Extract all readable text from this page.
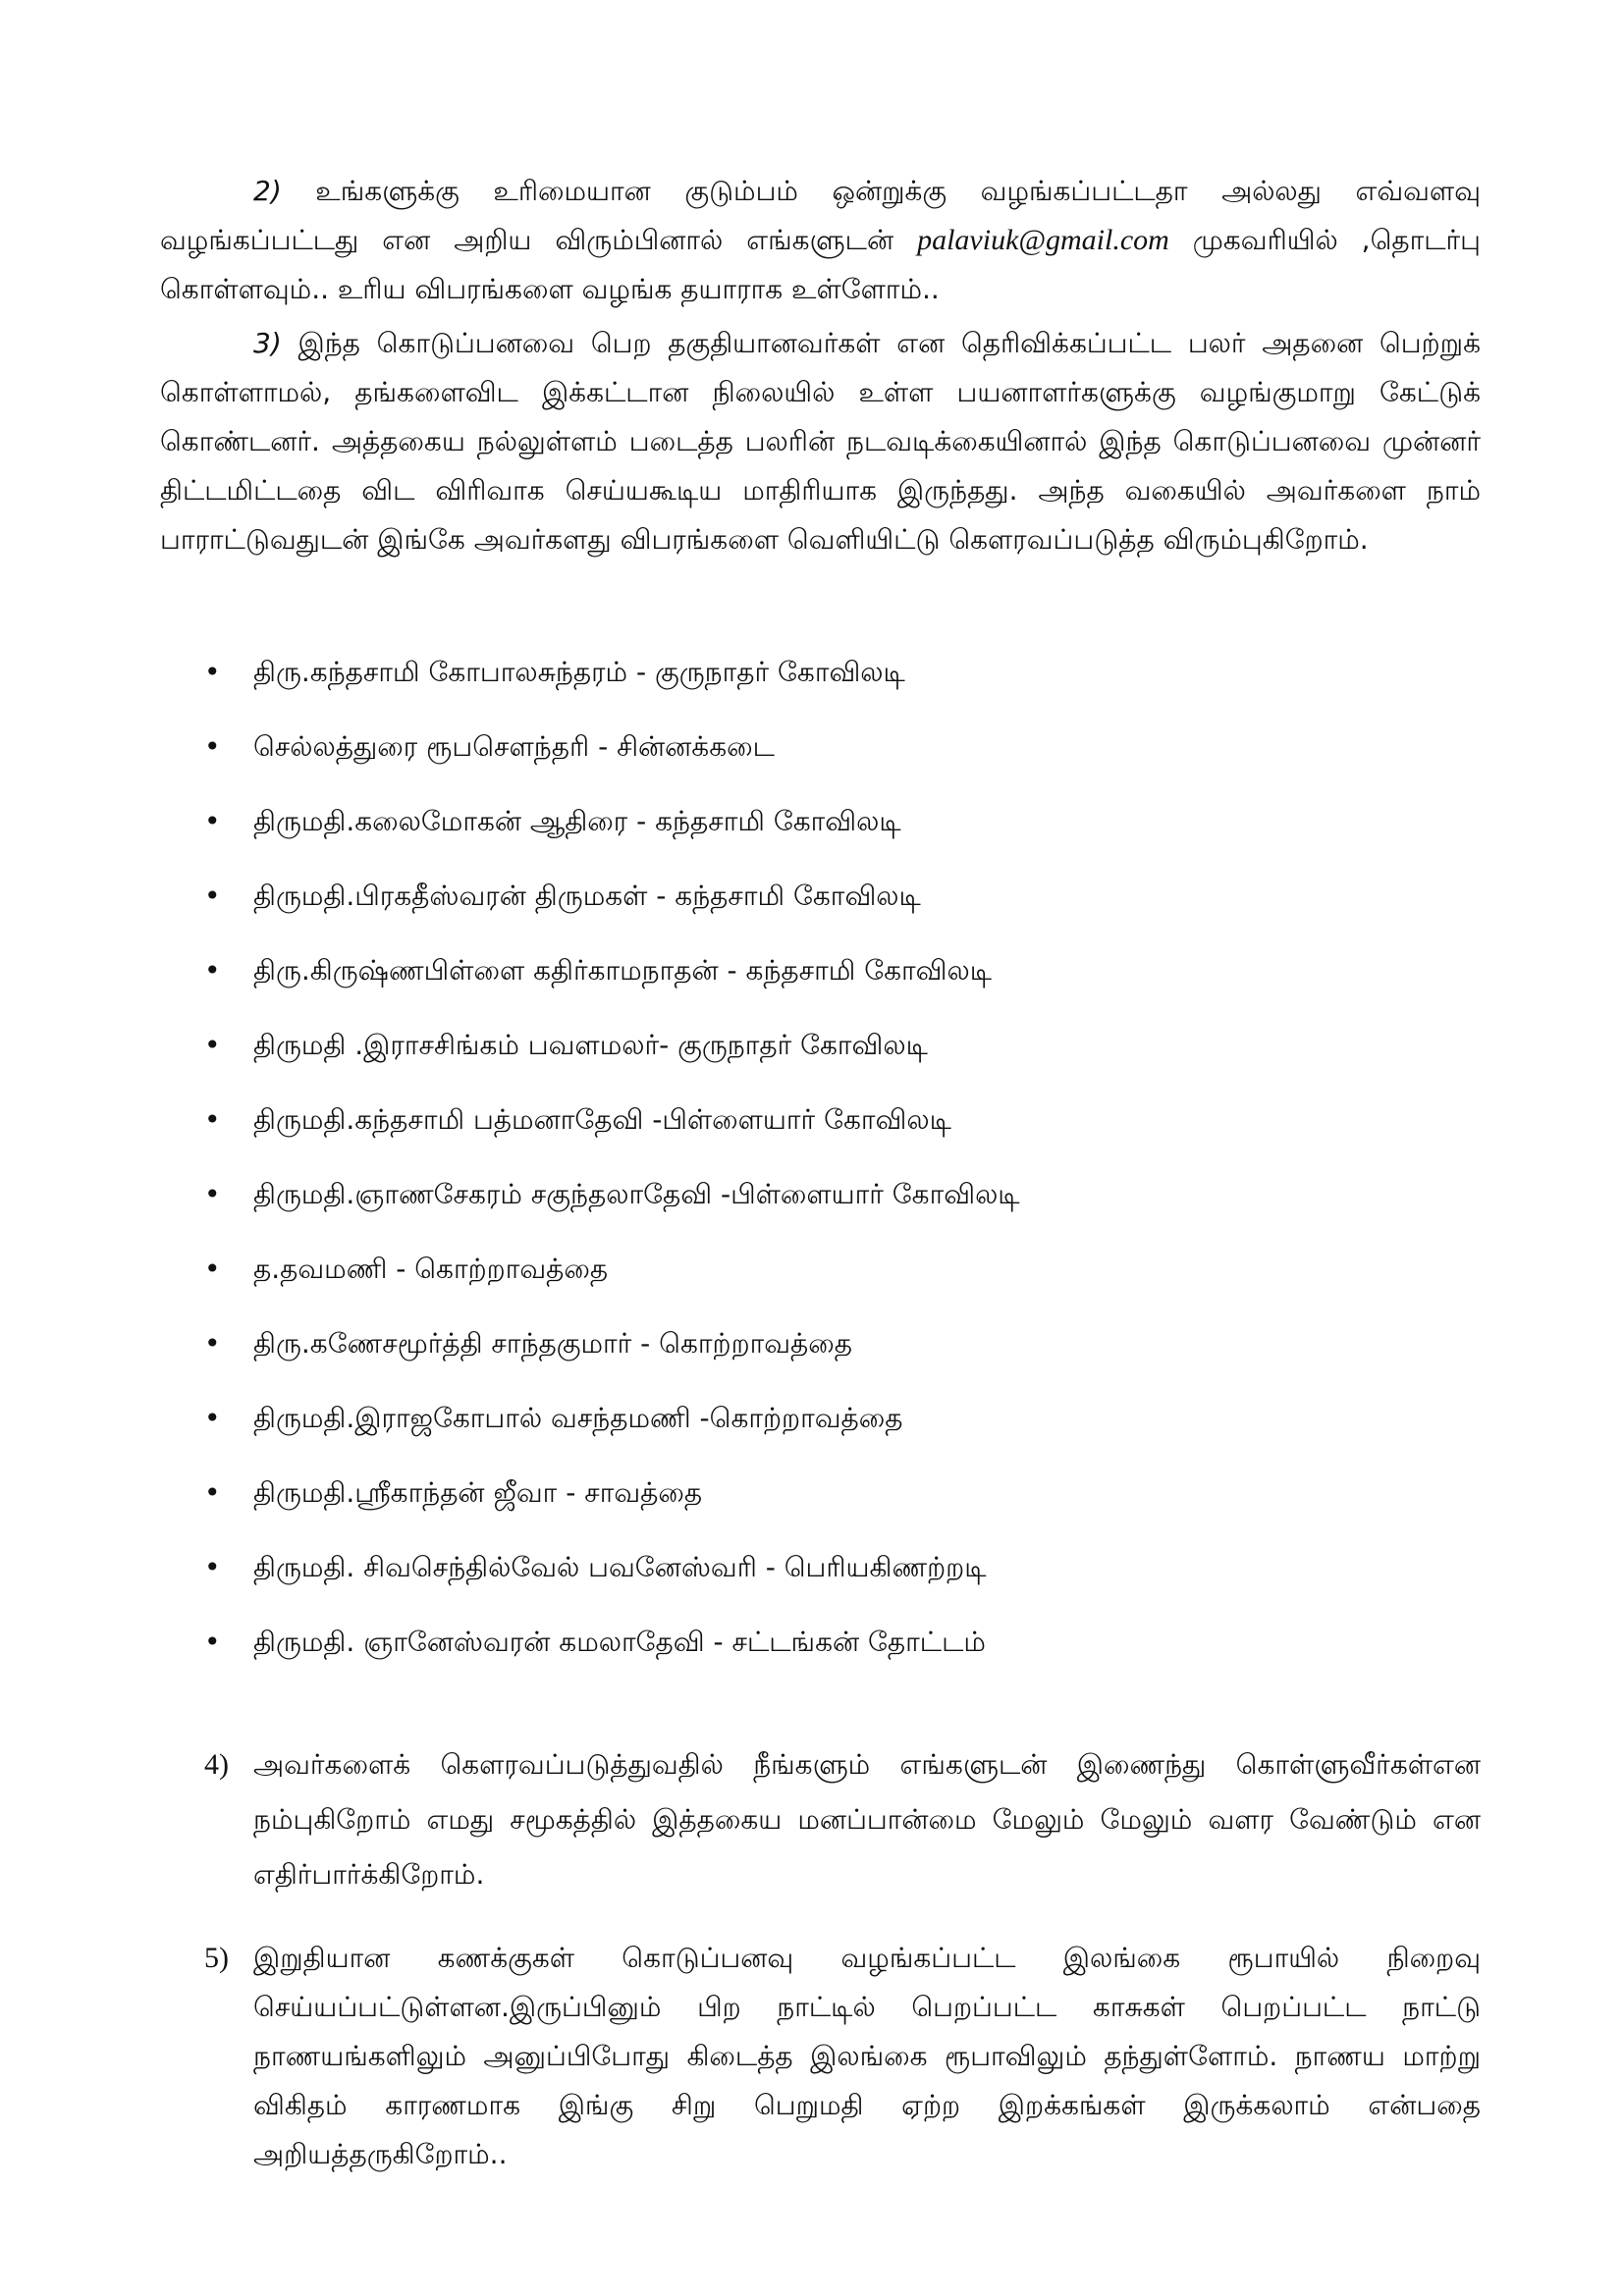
2) உங்களுக்கு உரிமையான குடும்பம் ஒன்றுக்கு வழங்கப்பட்டதா அல்லது எவ்வளவு வழங்கப்பட்டது என அறிய விரும்பினால் எங்களுடன் palaviuk@gmail.com முகவரியில் ,தொடர்பு கொள்ளவும்.. உரிய விபரங்களை வழங்க தயாராக உள்ளோம்..

3) இந்த கொடுப்பனவை பெற தகுதியானவர்கள் என தெரிவிக்கப்பட்ட பலர் அதனை பெற்றுக் கொள்ளாமல், தங்களைவிட இக்கட்டான நிலையில் உள்ள பயனாளர்களுக்கு வழங்குமாறு கேட்டுக் கொண்டனர். அத்தகைய நல்லுள்ளம் படைத்த பலரின் நடவடிக்கையினால் இந்த கொடுப்பனவை முன்னர் திட்டமிட்டதை விட விரிவாக செய்யகூடிய மாதிரியாக இருந்தது. அந்த வகையில் அவர்களை நாம் பாராட்டுவதுடன் இங்கே அவர்களது விபரங்களை வெளியிட்டு கௌரவப்படுத்த விரும்புகிறோம்.

• திரு.கந்தசாமி கோபாலசுந்தரம் - குருநாதர் கோவிலடி
• செல்லத்துரை ரூபசௌந்தரி - சின்னக்கடை
• திருமதி.கலைமோகன் ஆதிரை - கந்தசாமி கோவிலடி
• திருமதி.பிரகதீஸ்வரன் திருமகள் - கந்தசாமி கோவிலடி
• திரு.கிருஷ்ணபிள்ளை கதிர்காமநாதன் - கந்தசாமி கோவிலடி
• திருமதி .இராசசிங்கம் பவளமலர்- குருநாதர் கோவிலடி
• திருமதி.கந்தசாமி பத்மனாதேவி -பிள்ளையார் கோவிலடி
• திருமதி.ஞாணசேகரம் சகுந்தலாதேவி -பிள்ளையார் கோவிலடி
• த.தவமணி - கொற்றாவத்தை
• திரு.கணேசமூர்த்தி சாந்தகுமார் - கொற்றாவத்தை
• திருமதி.இராஜகோபால் வசந்தமணி -கொற்றாவத்தை
• திருமதி.ஸ்ரீகாந்தன் ஜீவா - சாவத்தை
• திருமதி. சிவசெந்தில்வேல் பவனேஸ்வரி - பெரியகிணற்றடி
• திருமதி. ஞானேஸ்வரன் கமலாதேவி - சட்டங்கன் தோட்டம்
4) அவர்களைக் கௌரவப்படுத்துவதில் நீங்களும் எங்களுடன் இணைந்து கொள்ளுவீர்கள்என நம்புகிறோம் எமது சமூகத்தில் இத்தகைய மனப்பான்மை மேலும் மேலும் வளர வேண்டும் என எதிர்பார்க்கிறோம்.
5) இறுதியான கணக்குகள் கொடுப்பனவு வழங்கப்பட்ட இலங்கை ரூபாயில் நிறைவு செய்யப்பட்டுள்ளன.இருப்பினும் பிற நாட்டில் பெறப்பட்ட காசுகள் பெறப்பட்ட நாட்டு நாணயங்களிலும் அனுப்பிபோது கிடைத்த இலங்கை ரூபாவிலும் தந்துள்ளோம். நாணய மாற்று விகிதம் காரணமாக இங்கு சிறு பெறுமதி ஏற்ற இறக்கங்கள் இருக்கலாம் என்பதை அறியத்தருகிறோம்..
